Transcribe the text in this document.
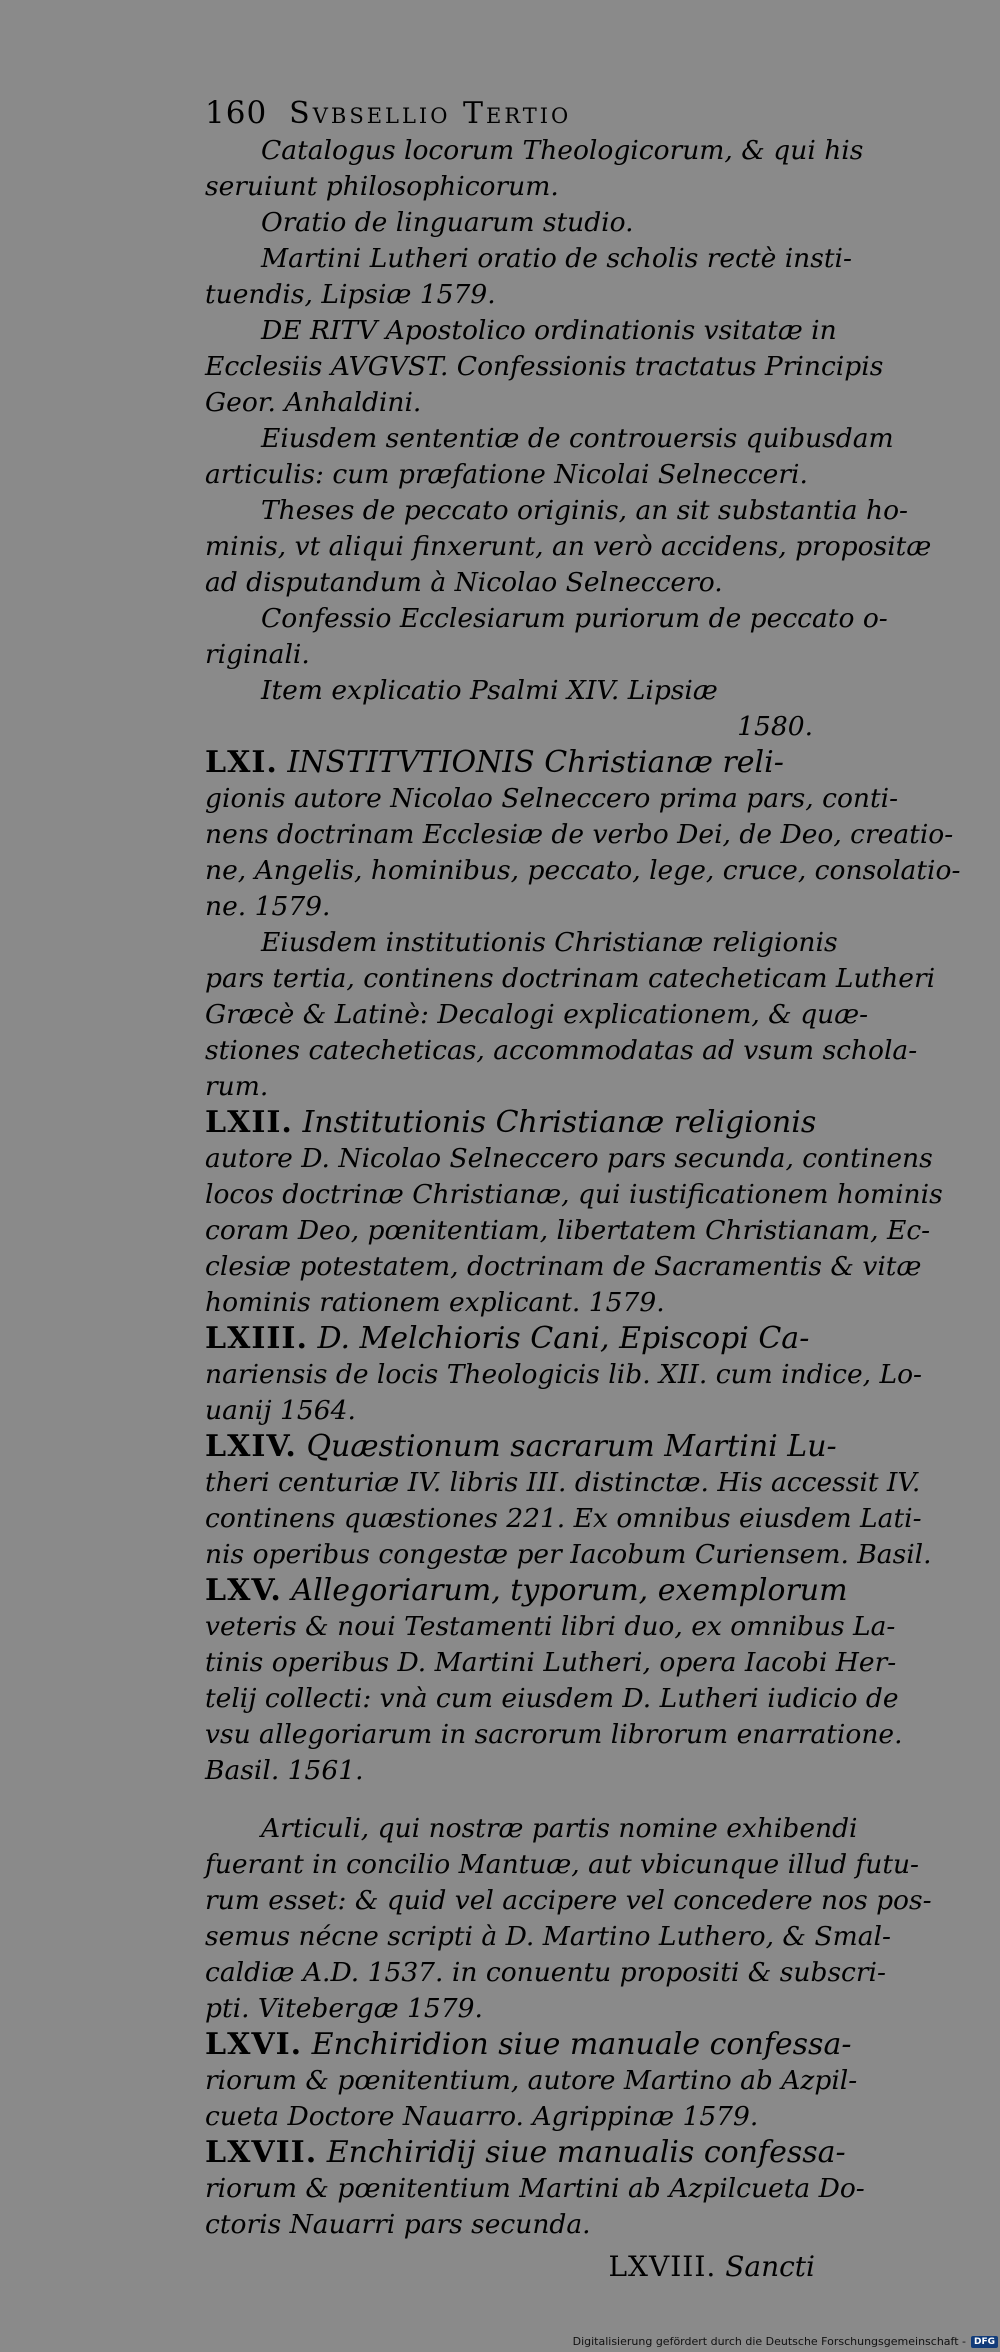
160 Svbsellio Tertio
Catalogus locorum Theologicorum, & qui his
seruiunt philosophicorum.
Oratio de linguarum studio.
Martini Lutheri oratio de scholis rectè insti-
tuendis, Lipsiæ 1579.
DE RITV Apostolico ordinationis vsitatæ in
Ecclesiis AVGVST. Confessionis tractatus Principis
Geor. Anhaldini.
Eiusdem sententiæ de controuersis quibusdam
articulis: cum præfatione Nicolai Selnecceri.
Theses de peccato originis, an sit substantia ho-
minis, vt aliqui finxerunt, an verò accidens, propositæ
ad disputandum à Nicolao Selneccero.
Confessio Ecclesiarum puriorum de peccato o-
riginali.
Item explicatio Psalmi XIV. Lipsiæ
1580.
LXI. INSTITVTIONIS Christianæ reli-
gionis autore Nicolao Selneccero prima pars, conti-
nens doctrinam Ecclesiæ de verbo Dei, de Deo, creatio-
ne, Angelis, hominibus, peccato, lege, cruce, consolatio-
ne. 1579.
Eiusdem institutionis Christianæ religionis
pars tertia, continens doctrinam catecheticam Lutheri
Græcè & Latinè: Decalogi explicationem, & quæ-
stiones catecheticas, accommodatas ad vsum schola-
rum.
LXII. Institutionis Christianæ religionis
autore D. Nicolao Selneccero pars secunda, continens
locos doctrinæ Christianæ, qui iustificationem hominis
coram Deo, pœnitentiam, libertatem Christianam, Ec-
clesiæ potestatem, doctrinam de Sacramentis & vitæ
hominis rationem explicant. 1579.
LXIII. D. Melchioris Cani, Episcopi Ca-
nariensis de locis Theologicis lib. XII. cum indice, Lo-
uanij 1564.
LXIV. Quæstionum sacrarum Martini Lu-
theri centuriæ IV. libris III. distinctæ. His accessit IV.
continens quæstiones 221. Ex omnibus eiusdem Lati-
nis operibus congestæ per Iacobum Curiensem. Basil.
LXV. Allegoriarum, typorum, exemplorum
veteris & noui Testamenti libri duo, ex omnibus La-
tinis operibus D. Martini Lutheri, opera Iacobi Her-
telij collecti: vnà cum eiusdem D. Lutheri iudicio de
vsu allegoriarum in sacrorum librorum enarratione.
Basil. 1561.
Articuli, qui nostræ partis nomine exhibendi
fuerant in concilio Mantuæ, aut vbicunque illud futu-
rum esset: & quid vel accipere vel concedere nos pos-
semus nécne scripti à D. Martino Luthero, & Smal-
caldiæ A.D. 1537. in conuentu propositi & subscri-
pti. Vitebergæ 1579.
LXVI. Enchiridion siue manuale confessa-
riorum & pœnitentium, autore Martino ab Azpil-
cueta Doctore Nauarro. Agrippinæ 1579.
LXVII. Enchiridij siue manualis confessa-
riorum & pœnitentium Martini ab Azpilcueta Do-
ctoris Nauarri pars secunda.
LXVIII. Sancti
Digitalisierung gefördert durch die Deutsche Forschungsgemeinschaft - DFG
